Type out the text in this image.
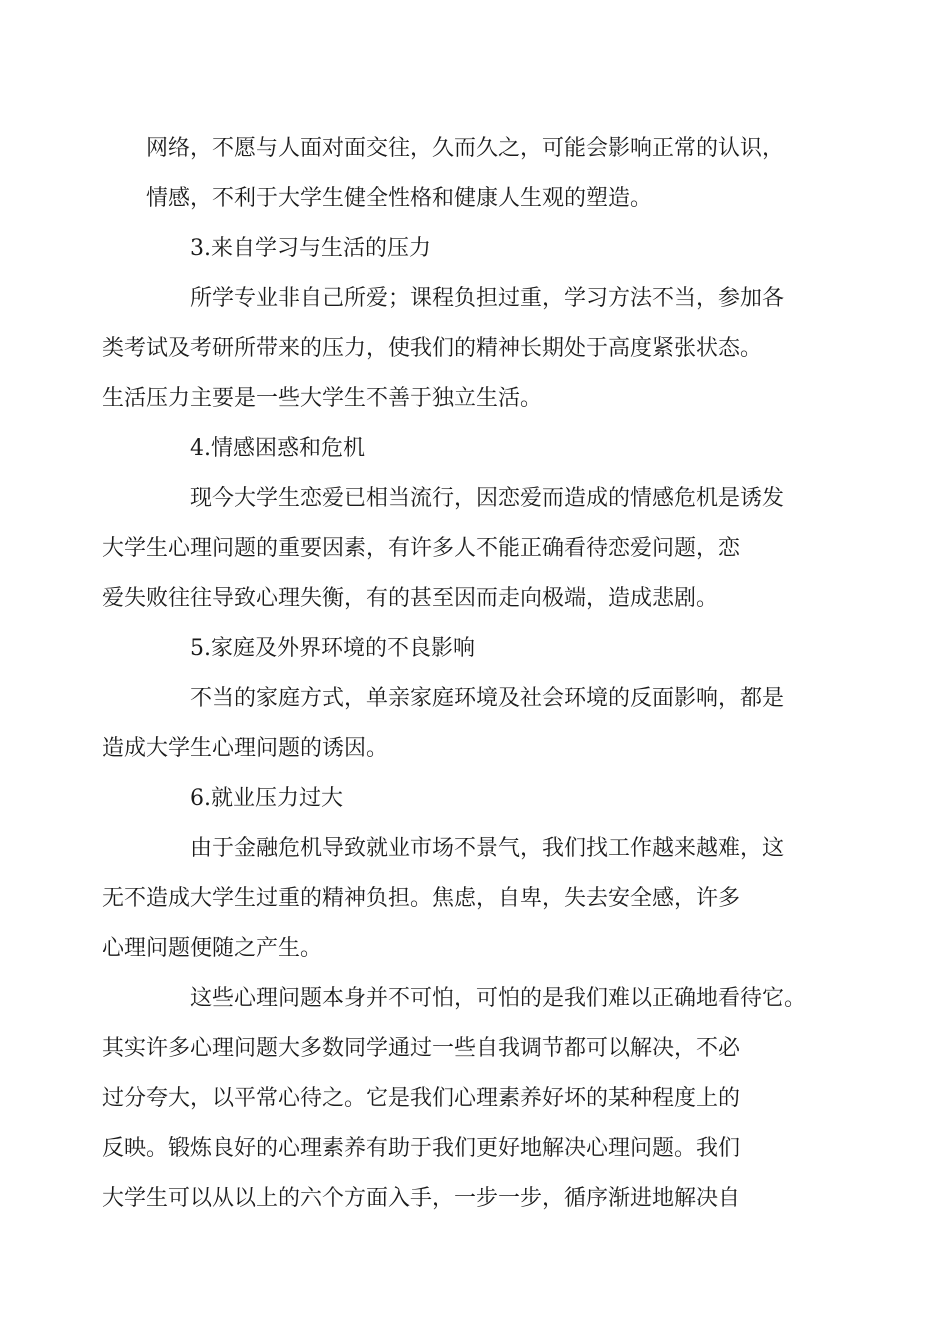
网络，不愿与人面对面交往，久而久之，可能会影响正常的认识，
情感，不利于大学生健全性格和健康人生观的塑造。

3.来自学习与生活的压力

所学专业非自己所爱；课程负担过重，学习方法不当，参加各
类考试及考研所带来的压力，使我们的精神长期处于高度紧张状态。
生活压力主要是一些大学生不善于独立生活。

4.情感困惑和危机

现今大学生恋爱已相当流行，因恋爱而造成的情感危机是诱发
大学生心理问题的重要因素，有许多人不能正确看待恋爱问题，恋
爱失败往往导致心理失衡，有的甚至因而走向极端，造成悲剧。

5.家庭及外界环境的不良影响

不当的家庭方式，单亲家庭环境及社会环境的反面影响，都是
造成大学生心理问题的诱因。

6.就业压力过大

由于金融危机导致就业市场不景气，我们找工作越来越难，这
无不造成大学生过重的精神负担。焦虑，自卑，失去安全感，许多
心理问题便随之产生。

这些心理问题本身并不可怕，可怕的是我们难以正确地看待它。
其实许多心理问题大多数同学通过一些自我调节都可以解决，不必
过分夸大，以平常心待之。它是我们心理素养好坏的某种程度上的
反映。锻炼良好的心理素养有助于我们更好地解决心理问题。我们
大学生可以从以上的六个方面入手，一步一步，循序渐进地解决自
